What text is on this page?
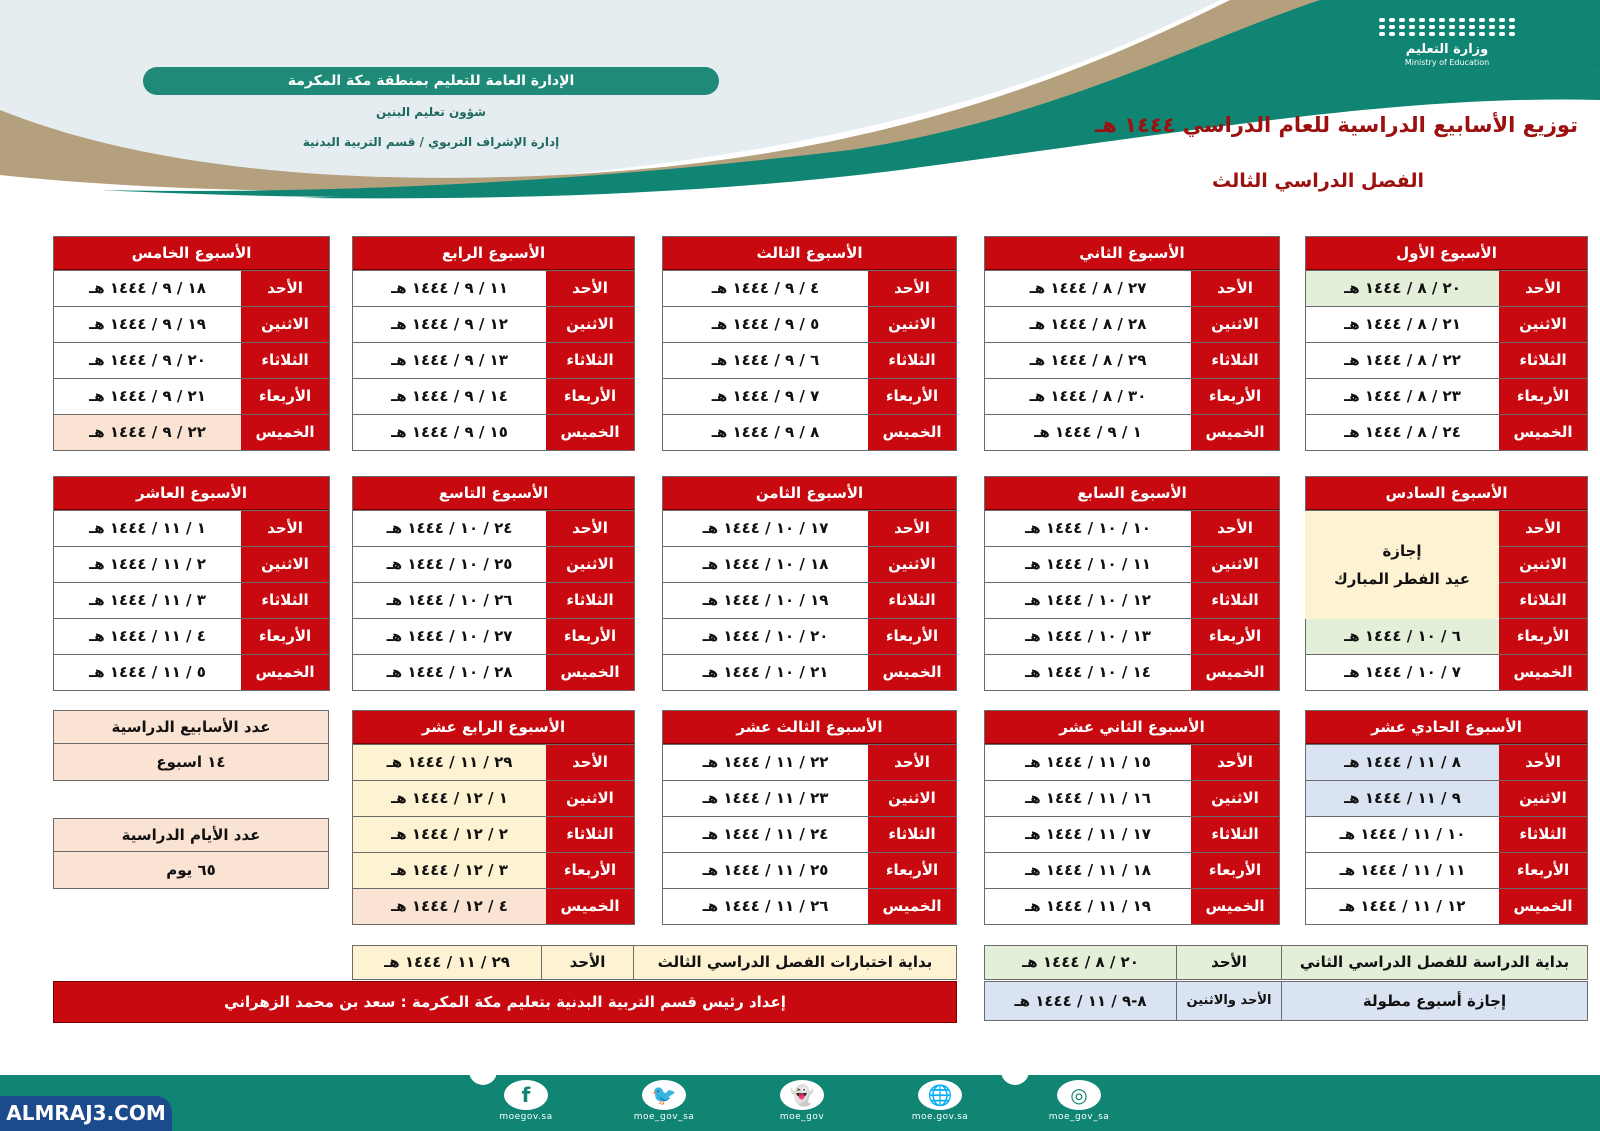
وزارة التعليم
Ministry of Education
الإدارة العامة للتعليم بمنطقة مكة المكرمة
شؤون تعليم البنين
إدارة الإشراف التربوي / قسم التربية البدنية
توزيع الأسابيع الدراسية للعام الدراسي ١٤٤٤ هـ
الفصل الدراسي الثالث
الأسبوع الأول
الأحد
٢٠ / ٨ / ١٤٤٤ هـ
الاثنين
٢١ / ٨ / ١٤٤٤ هـ
الثلاثاء
٢٢ / ٨ / ١٤٤٤ هـ
الأربعاء
٢٣ / ٨ / ١٤٤٤ هـ
الخميس
٢٤ / ٨ / ١٤٤٤ هـ
الأسبوع الثاني
الأحد
٢٧ / ٨ / ١٤٤٤ هـ
الاثنين
٢٨ / ٨ / ١٤٤٤ هـ
الثلاثاء
٢٩ / ٨ / ١٤٤٤ هـ
الأربعاء
٣٠ / ٨ / ١٤٤٤ هـ
الخميس
١ / ٩ / ١٤٤٤ هـ
الأسبوع الثالث
الأحد
٤ / ٩ / ١٤٤٤ هـ
الاثنين
٥ / ٩ / ١٤٤٤ هـ
الثلاثاء
٦ / ٩ / ١٤٤٤ هـ
الأربعاء
٧ / ٩ / ١٤٤٤ هـ
الخميس
٨ / ٩ / ١٤٤٤ هـ
الأسبوع الرابع
الأحد
١١ / ٩ / ١٤٤٤ هـ
الاثنين
١٢ / ٩ / ١٤٤٤ هـ
الثلاثاء
١٣ / ٩ / ١٤٤٤ هـ
الأربعاء
١٤ / ٩ / ١٤٤٤ هـ
الخميس
١٥ / ٩ / ١٤٤٤ هـ
الأسبوع الخامس
الأحد
١٨ / ٩ / ١٤٤٤ هـ
الاثنين
١٩ / ٩ / ١٤٤٤ هـ
الثلاثاء
٢٠ / ٩ / ١٤٤٤ هـ
الأربعاء
٢١ / ٩ / ١٤٤٤ هـ
الخميس
٢٢ / ٩ / ١٤٤٤ هـ
الأسبوع السادس
الأحد
الاثنين
الثلاثاء
الأربعاء
٦ / ١٠ / ١٤٤٤ هـ
الخميس
٧ / ١٠ / ١٤٤٤ هـ
إجازة
عيد الفطر المبارك
الأسبوع السابع
الأحد
١٠ / ١٠ / ١٤٤٤ هـ
الاثنين
١١ / ١٠ / ١٤٤٤ هـ
الثلاثاء
١٢ / ١٠ / ١٤٤٤ هـ
الأربعاء
١٣ / ١٠ / ١٤٤٤ هـ
الخميس
١٤ / ١٠ / ١٤٤٤ هـ
الأسبوع الثامن
الأحد
١٧ / ١٠ / ١٤٤٤ هـ
الاثنين
١٨ / ١٠ / ١٤٤٤ هـ
الثلاثاء
١٩ / ١٠ / ١٤٤٤ هـ
الأربعاء
٢٠ / ١٠ / ١٤٤٤ هـ
الخميس
٢١ / ١٠ / ١٤٤٤ هـ
الأسبوع التاسع
الأحد
٢٤ / ١٠ / ١٤٤٤ هـ
الاثنين
٢٥ / ١٠ / ١٤٤٤ هـ
الثلاثاء
٢٦ / ١٠ / ١٤٤٤ هـ
الأربعاء
٢٧ / ١٠ / ١٤٤٤ هـ
الخميس
٢٨ / ١٠ / ١٤٤٤ هـ
الأسبوع العاشر
الأحد
١ / ١١ / ١٤٤٤ هـ
الاثنين
٢ / ١١ / ١٤٤٤ هـ
الثلاثاء
٣ / ١١ / ١٤٤٤ هـ
الأربعاء
٤ / ١١ / ١٤٤٤ هـ
الخميس
٥ / ١١ / ١٤٤٤ هـ
الأسبوع الحادي عشر
الأحد
٨ / ١١ / ١٤٤٤ هـ
الاثنين
٩ / ١١ / ١٤٤٤ هـ
الثلاثاء
١٠ / ١١ / ١٤٤٤ هـ
الأربعاء
١١ / ١١ / ١٤٤٤ هـ
الخميس
١٢ / ١١ / ١٤٤٤ هـ
الأسبوع الثاني عشر
الأحد
١٥ / ١١ / ١٤٤٤ هـ
الاثنين
١٦ / ١١ / ١٤٤٤ هـ
الثلاثاء
١٧ / ١١ / ١٤٤٤ هـ
الأربعاء
١٨ / ١١ / ١٤٤٤ هـ
الخميس
١٩ / ١١ / ١٤٤٤ هـ
الأسبوع الثالث عشر
الأحد
٢٢ / ١١ / ١٤٤٤ هـ
الاثنين
٢٣ / ١١ / ١٤٤٤ هـ
الثلاثاء
٢٤ / ١١ / ١٤٤٤ هـ
الأربعاء
٢٥ / ١١ / ١٤٤٤ هـ
الخميس
٢٦ / ١١ / ١٤٤٤ هـ
الأسبوع الرابع عشر
الأحد
٢٩ / ١١ / ١٤٤٤ هـ
الاثنين
١ / ١٢ / ١٤٤٤ هـ
الثلاثاء
٢ / ١٢ / ١٤٤٤ هـ
الأربعاء
٣ / ١٢ / ١٤٤٤ هـ
الخميس
٤ / ١٢ / ١٤٤٤ هـ
عدد الأسابيع الدراسية
١٤ اسبوع
عدد الأيام الدراسية
٦٥ يوم
بداية الدراسة للفصل الدراسي الثاني
الأحد
٢٠ / ٨ / ١٤٤٤ هـ
إجازة أسبوع مطولة
الأحد والاثنين
٨-٩ / ١١ / ١٤٤٤ هـ
بداية اختبارات الفصل الدراسي الثالث
الأحد
٢٩ / ١١ / ١٤٤٤ هـ
إعداد رئيس قسم التربية البدنية بتعليم مكة المكرمة : سعد بن محمد الزهراني
f
moegov.sa
🐦
moe_gov_sa
👻
moe_gov
🌐
moe.gov.sa
◎
moe_gov_sa
ALMRAJ3.COM
